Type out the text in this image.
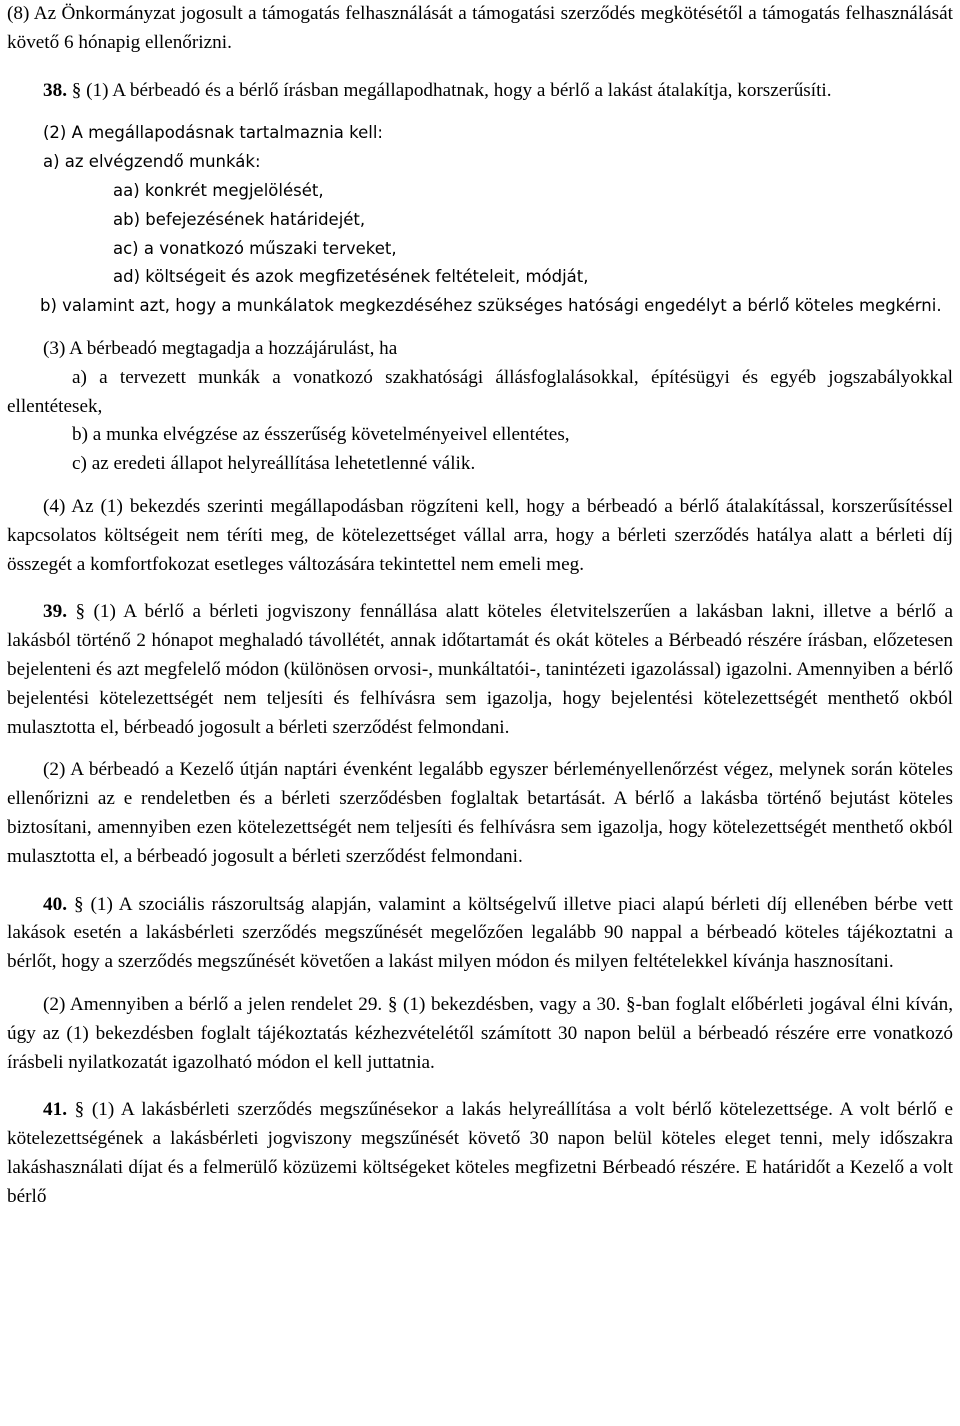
(8) Az Önkormányzat jogosult a támogatás felhasználását a támogatási szerződés megkötésétől a támogatás felhasználását követő 6 hónapig ellenőrizni.

38. § (1) A bérbeadó és a bérlő írásban megállapodhatnak, hogy a bérlő a lakást átalakítja, korszerűsíti.

(2) A megállapodásnak tartalmaznia kell:

a) az elvégzendő munkák:

aa) konkrét megjelölését,

ab) befejezésének határidejét,

ac) a vonatkozó műszaki terveket,

ad) költségeit és azok megfizetésének feltételeit, módját,

b) valamint azt, hogy a munkálatok megkezdéséhez szükséges hatósági engedélyt a bérlő köteles megkérni.

(3) A bérbeadó megtagadja a hozzájárulást, ha

a) a tervezett munkák a vonatkozó szakhatósági állásfoglalásokkal, építésügyi és egyéb jogszabályokkal ellentétesek,

b) a munka elvégzése az ésszerűség követelményeivel ellentétes,

c) az eredeti állapot helyreállítása lehetetlenné válik.

(4) Az (1) bekezdés szerinti megállapodásban rögzíteni kell, hogy a bérbeadó a bérlő átalakítással, korszerűsítéssel kapcsolatos költségeit nem téríti meg, de kötelezettséget vállal arra, hogy a bérleti szerződés hatálya alatt a bérleti díj összegét a komfortfokozat esetleges változására tekintettel nem emeli meg.

39. § (1) A bérlő a bérleti jogviszony fennállása alatt köteles életvitelszerűen a lakásban lakni, illetve a bérlő a lakásból történő 2 hónapot meghaladó távollétét, annak időtartamát és okát köteles a Bérbeadó részére írásban, előzetesen bejelenteni és azt megfelelő módon (különösen orvosi-, munkáltatói-, tanintézeti igazolással) igazolni. Amennyiben a bérlő bejelentési kötelezettségét nem teljesíti és felhívásra sem igazolja, hogy bejelentési kötelezettségét menthető okból mulasztotta el, bérbeadó jogosult a bérleti szerződést felmondani.

(2) A bérbeadó a Kezelő útján naptári évenként legalább egyszer bérleményellenőrzést végez, melynek során köteles ellenőrizni az e rendeletben és a bérleti szerződésben foglaltak betartását. A bérlő a lakásba történő bejutást köteles biztosítani, amennyiben ezen kötelezettségét nem teljesíti és felhívásra sem igazolja, hogy kötelezettségét menthető okból mulasztotta el, a bérbeadó jogosult a bérleti szerződést felmondani.

40. § (1) A szociális rászorultság alapján, valamint a költségelvű illetve piaci alapú bérleti díj ellenében bérbe vett lakások esetén a lakásbérleti szerződés megszűnését megelőzően legalább 90 nappal a bérbeadó köteles tájékoztatni a bérlőt, hogy a szerződés megszűnését követően a lakást milyen módon és milyen feltételekkel kívánja hasznosítani.

(2) Amennyiben a bérlő a jelen rendelet 29. § (1) bekezdésben, vagy a 30. §-ban foglalt előbérleti jogával élni kíván, úgy az (1) bekezdésben foglalt tájékoztatás kézhezvételétől számított 30 napon belül a bérbeadó részére erre vonatkozó írásbeli nyilatkozatát igazolható módon el kell juttatnia.

41. § (1) A lakásbérleti szerződés megszűnésekor a lakás helyreállítása a volt bérlő kötelezettsége. A volt bérlő e kötelezettségének a lakásbérleti jogviszony megszűnését követő 30 napon belül köteles eleget tenni, mely időszakra lakáshasználati díjat és a felmerülő közüzemi költségeket köteles megfizetni Bérbeadó részére. E határidőt a Kezelő a volt bérlő
